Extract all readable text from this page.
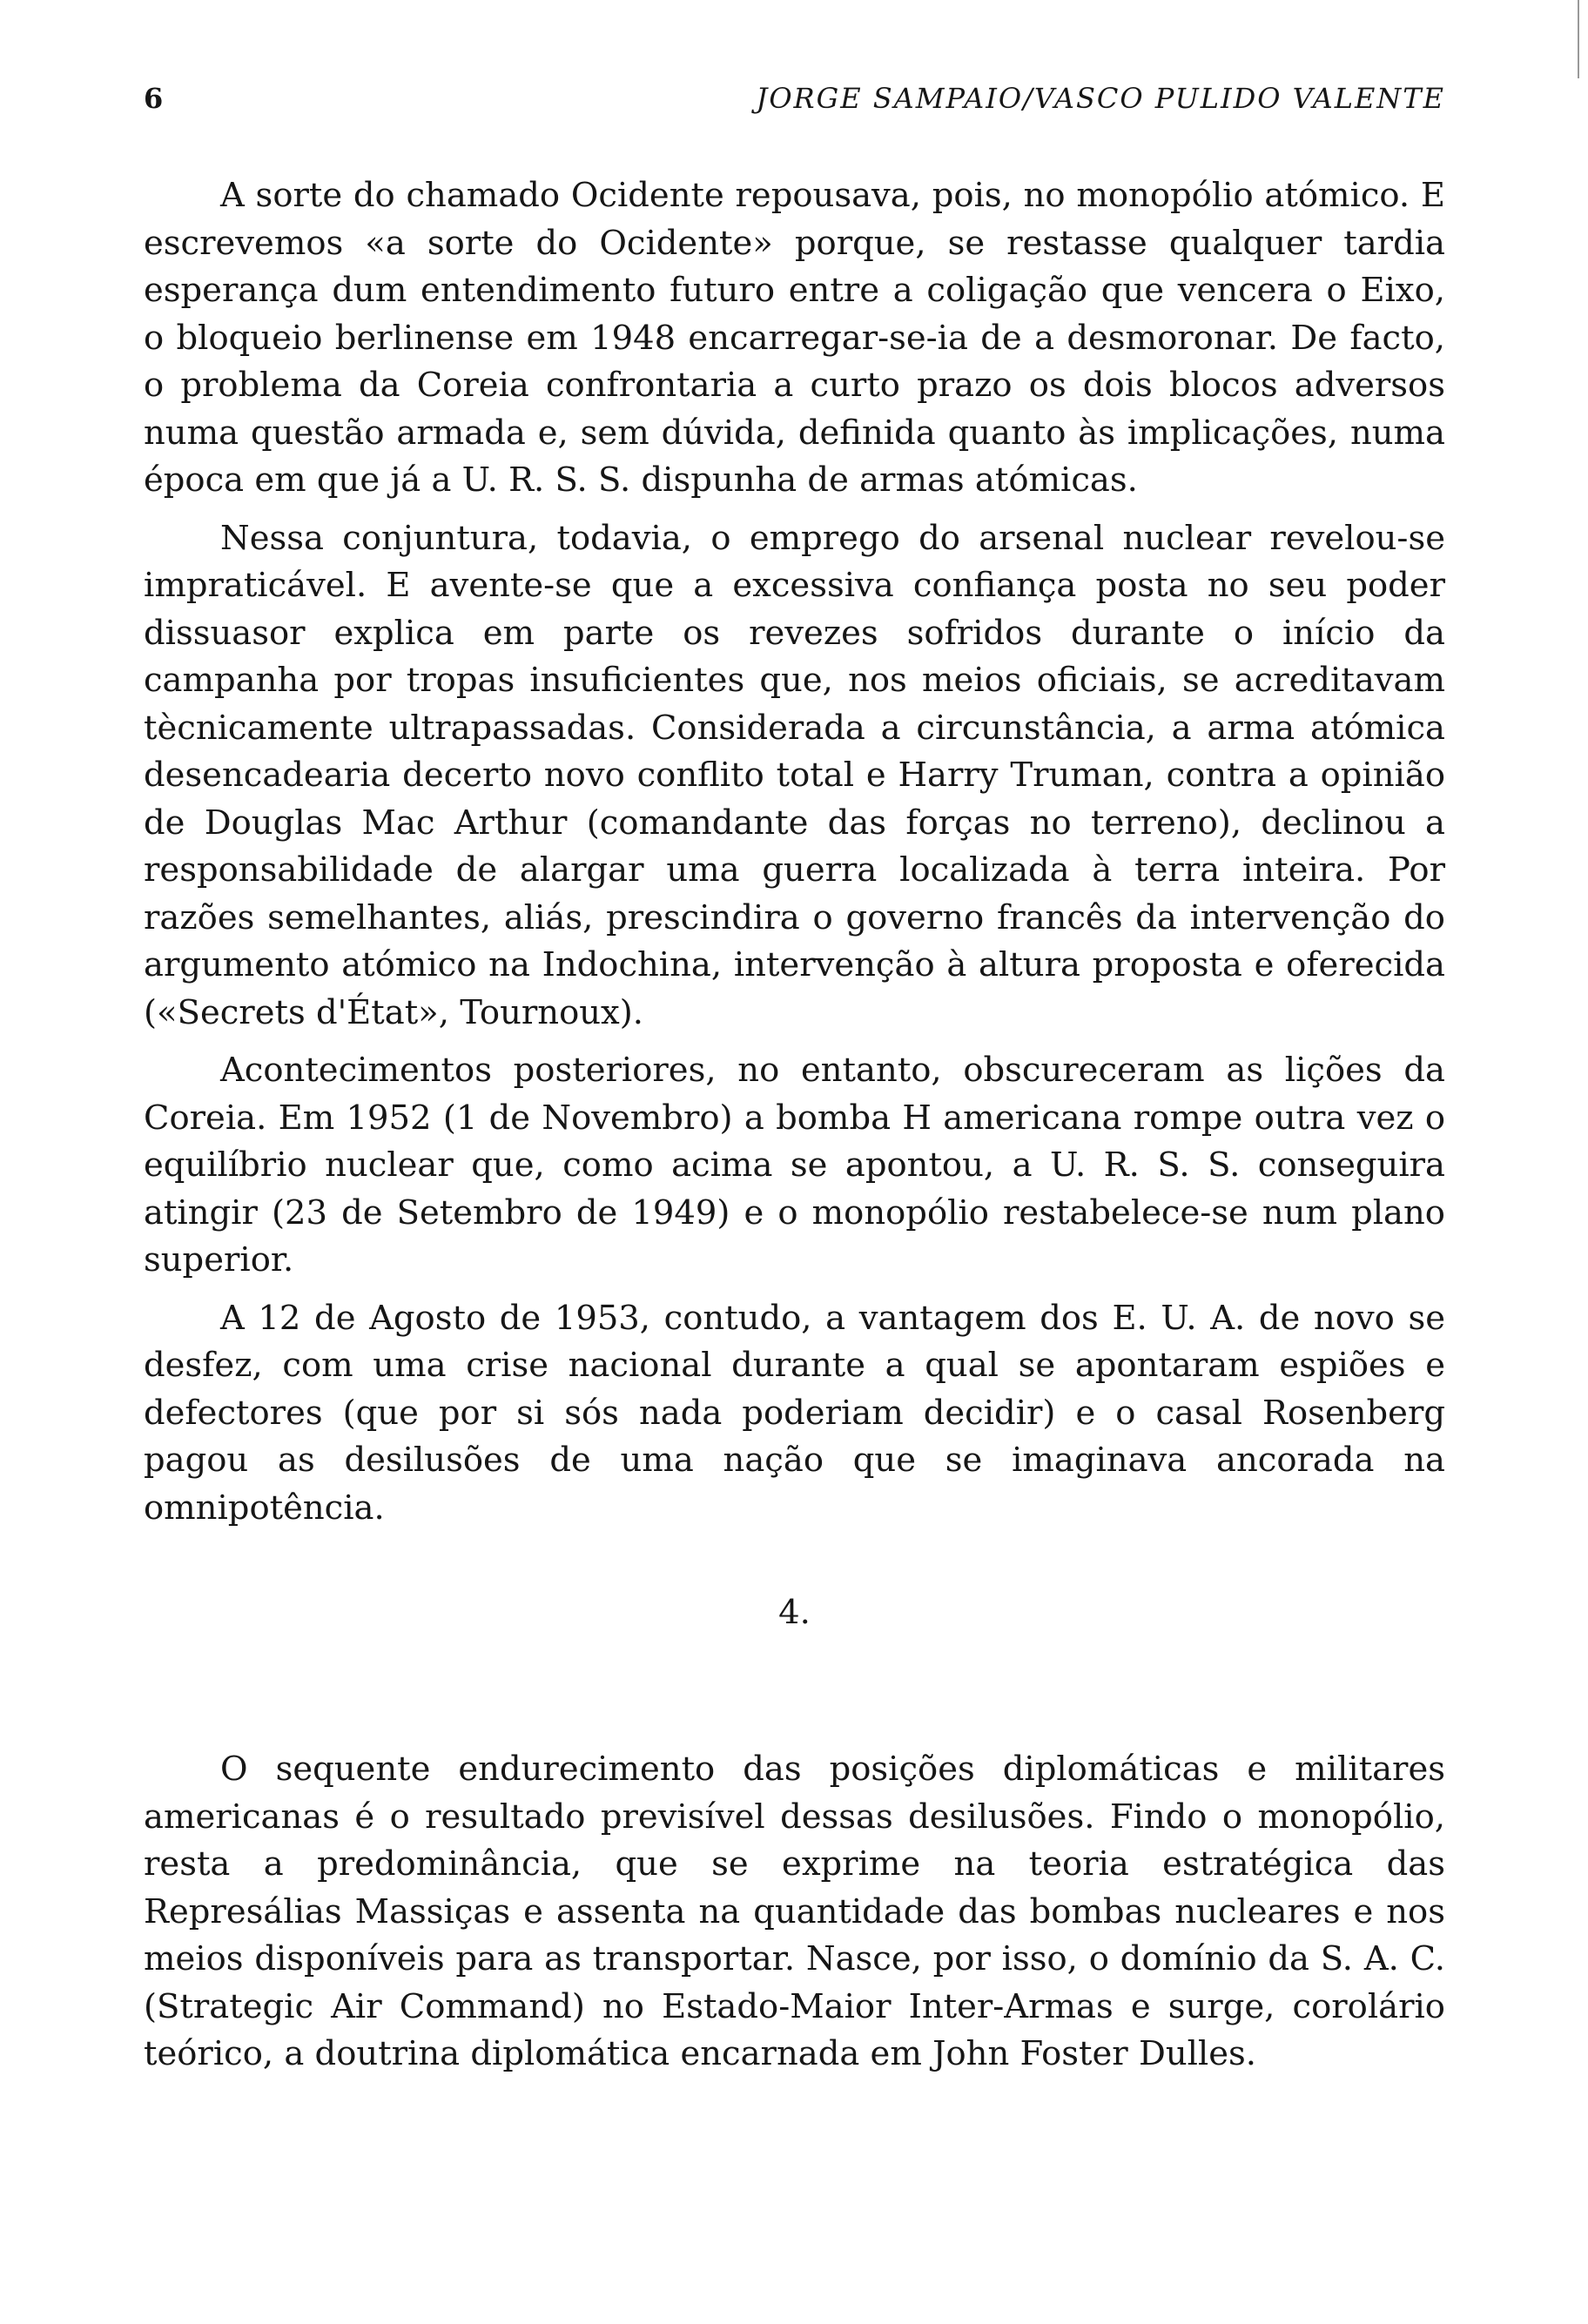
6	JORGE SAMPAIO/VASCO PULIDO VALENTE

A sorte do chamado Ocidente repousava, pois, no monopólio atómico. E escrevemos «a sorte do Ocidente» porque, se restasse qualquer tardia esperança dum entendimento futuro entre a coligação que vencera o Eixo, o bloqueio berlinense em 1948 encarregar-se-ia de a desmoronar. De facto, o problema da Coreia confrontaria a curto prazo os dois blocos adversos numa questão armada e, sem dúvida, definida quanto às implicações, numa época em que já a U. R. S. S. dispunha de armas atómicas.

Nessa conjuntura, todavia, o emprego do arsenal nuclear revelou-se impraticável. E avente-se que a excessiva confiança posta no seu poder dissuasor explica em parte os revezes sofridos durante o início da campanha por tropas insuficientes que, nos meios oficiais, se acreditavam tècnicamente ultrapassadas. Considerada a circunstância, a arma atómica desencadearia decerto novo conflito total e Harry Truman, contra a opinião de Douglas Mac Arthur (comandante das forças no terreno), declinou a responsabilidade de alargar uma guerra localizada à terra inteira. Por razões semelhantes, aliás, prescindira o governo francês da intervenção do argumento atómico na Indochina, intervenção à altura proposta e oferecida («Secrets d'État», Tournoux).

Acontecimentos posteriores, no entanto, obscureceram as lições da Coreia. Em 1952 (1 de Novembro) a bomba H americana rompe outra vez o equilíbrio nuclear que, como acima se apontou, a U. R. S. S. conseguira atingir (23 de Setembro de 1949) e o monopólio restabelece-se num plano superior.

A 12 de Agosto de 1953, contudo, a vantagem dos E. U. A. de novo se desfez, com uma crise nacional durante a qual se apontaram espiões e defectores (que por si sós nada poderiam decidir) e o casal Rosenberg pagou as desilusões de uma nação que se imaginava ancorada na omnipotência.

4.

O sequente endurecimento das posições diplomáticas e militares americanas é o resultado previsível dessas desilusões. Findo o monopólio, resta a predominância, que se exprime na teoria estratégica das Represálias Massiças e assenta na quantidade das bombas nucleares e nos meios disponíveis para as transportar. Nasce, por isso, o domínio da S. A. C. (Strategic Air Command) no Estado-Maior Inter-Armas e surge, corolário teórico, a doutrina diplomática encarnada em John Foster Dulles.
